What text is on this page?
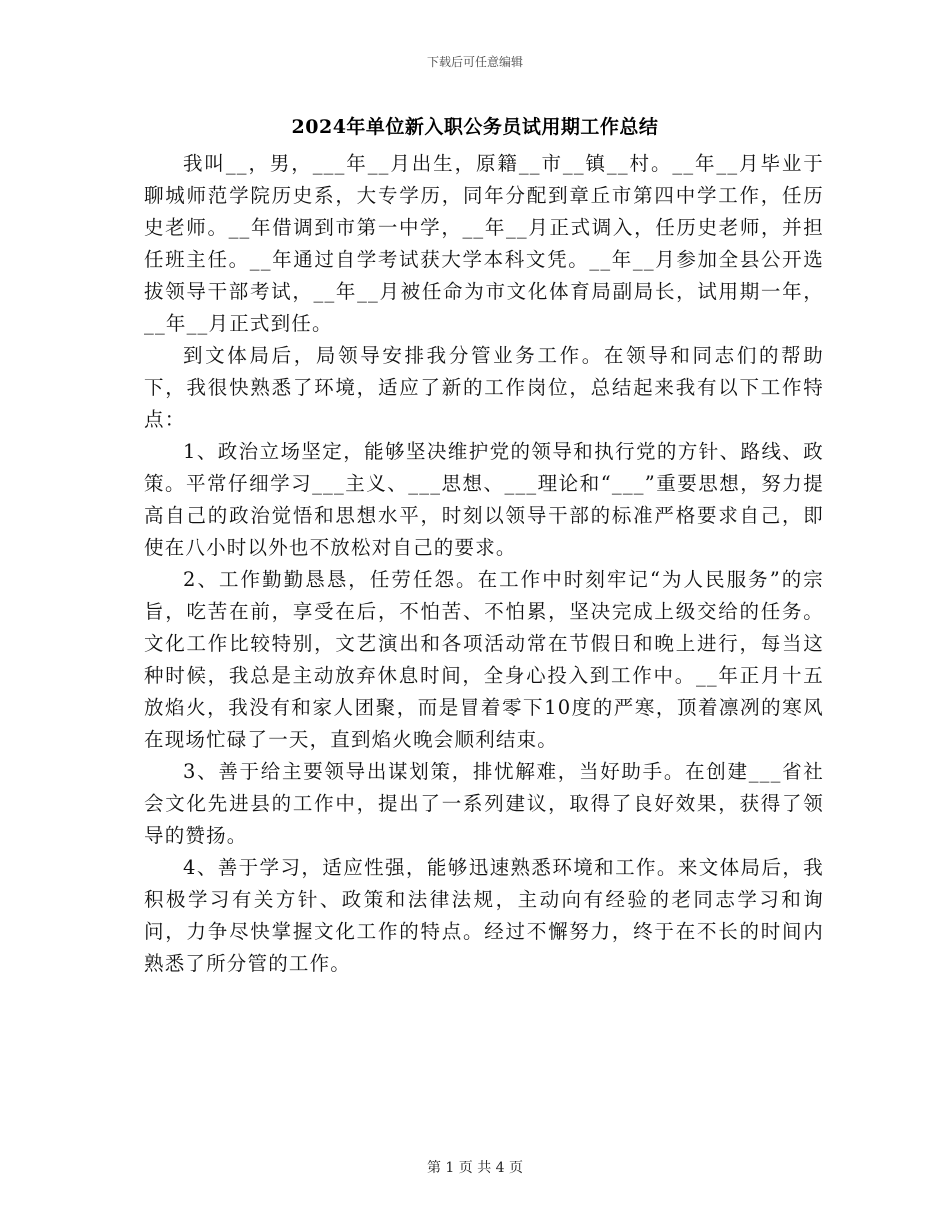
下载后可任意编辑
2024年单位新入职公务员试用期工作总结

我叫__，男，___年__月出生，原籍__市__镇__村。__年__月毕业于聊城师范学院历史系，大专学历，同年分配到章丘市第四中学工作，任历史老师。__年借调到市第一中学，__年__月正式调入，任历史老师，并担任班主任。__年通过自学考试获大学本科文凭。__年__月参加全县公开选拔领导干部考试，__年__月被任命为市文化体育局副局长，试用期一年，__年__月正式到任。

到文体局后，局领导安排我分管业务工作。在领导和同志们的帮助下，我很快熟悉了环境，适应了新的工作岗位，总结起来我有以下工作特点：

1、政治立场坚定，能够坚决维护党的领导和执行党的方针、路线、政策。平常仔细学习___主义、___思想、___理论和“___”重要思想，努力提高自己的政治觉悟和思想水平，时刻以领导干部的标准严格要求自己，即使在八小时以外也不放松对自己的要求。

2、工作勤勤恳恳，任劳任怨。在工作中时刻牢记“为人民服务”的宗旨，吃苦在前，享受在后，不怕苦、不怕累，坚决完成上级交给的任务。文化工作比较特别，文艺演出和各项活动常在节假日和晚上进行，每当这种时候，我总是主动放弃休息时间，全身心投入到工作中。__年正月十五放焰火，我没有和家人团聚，而是冒着零下10度的严寒，顶着凛冽的寒风在现场忙碌了一天，直到焰火晚会顺利结束。

3、善于给主要领导出谋划策，排忧解难，当好助手。在创建___省社会文化先进县的工作中，提出了一系列建议，取得了良好效果，获得了领导的赞扬。

4、善于学习，适应性强，能够迅速熟悉环境和工作。来文体局后，我积极学习有关方针、政策和法律法规，主动向有经验的老同志学习和询问，力争尽快掌握文化工作的特点。经过不懈努力，终于在不长的时间内熟悉了所分管的工作。

第 1 页 共 4 页
